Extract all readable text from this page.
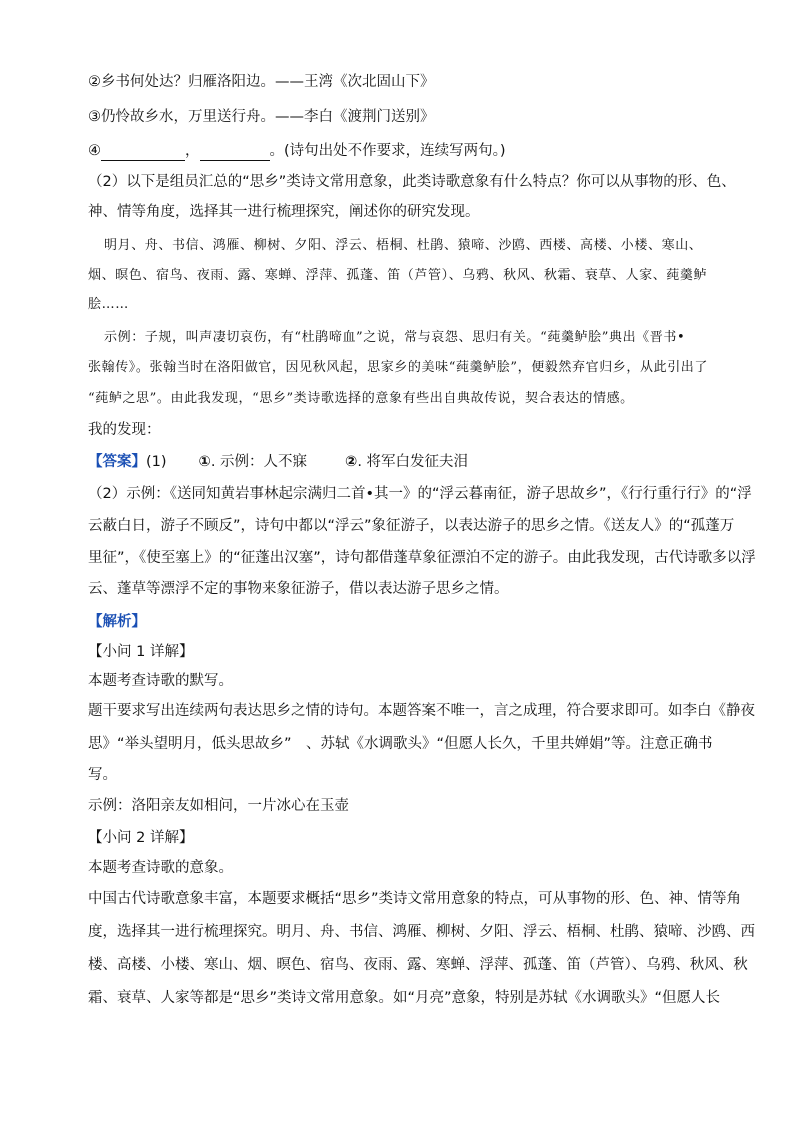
②乡书何处达？归雁洛阳边。——王湾《次北固山下》
③仍怜故乡水，万里送行舟。——李白《渡荆门送别》
④	，	。(诗句出处不作要求，连续写两句。)
（2）以下是组员汇总的“思乡”类诗文常用意象，此类诗歌意象有什么特点？你可以从事物的形、色、
神、情等角度，选择其一进行梳理探究，阐述你的研究发现。
明月、舟、书信、鸿雁、柳树、夕阳、浮云、梧桐、杜鹃、猿啼、沙鸥、西楼、高楼、小楼、寒山、
烟、暝色、宿鸟、夜雨、露、寒蝉、浮萍、孤蓬、笛（芦管）、乌鸦、秋风、秋霜、衰草、人家、莼羹鲈
脍……
示例：子规，叫声凄切哀伤，有“杜鹃啼血”之说，常与哀怨、思归有关。“莼羹鲈脍”典出《晋书•
张翰传》。张翰当时在洛阳做官，因见秋风起，思家乡的美味“莼羹鲈脍”，便毅然弃官归乡，从此引出了
“莼鲈之思”。由此我发现，“思乡”类诗歌选择的意象有些出自典故传说，契合表达的情感。
我的发现：
【答案】(1) ①. 示例：人不寐	②. 将军白发征夫泪
（2）示例：《送同知黄岩事林起宗满归二首•其一》的“浮云暮南征，游子思故乡”，《行行重行行》的“浮
云蔽白日，游子不顾反”，诗句中都以“浮云”象征游子，以表达游子的思乡之情。《送友人》的“孤蓬万
里征”，《使至塞上》的“征蓬出汉塞”，诗句都借蓬草象征漂泊不定的游子。由此我发现，古代诗歌多以浮
云、蓬草等漂浮不定的事物来象征游子，借以表达游子思乡之情。
【解析】
【小问 1 详解】
本题考查诗歌的默写。
题干要求写出连续两句表达思乡之情的诗句。本题答案不唯一，言之成理，符合要求即可。如李白《静夜
思》“举头望明月，低头思故乡”　、苏轼《水调歌头》“但愿人长久，千里共婵娟”等。注意正确书
写。
示例：洛阳亲友如相问，一片冰心在玉壶
【小问 2 详解】
本题考查诗歌的意象。
中国古代诗歌意象丰富，本题要求概括“思乡”类诗文常用意象的特点，可从事物的形、色、神、情等角
度，选择其一进行梳理探究。明月、舟、书信、鸿雁、柳树、夕阳、浮云、梧桐、杜鹃、猿啼、沙鸥、西
楼、高楼、小楼、寒山、烟、暝色、宿鸟、夜雨、露、寒蝉、浮萍、孤蓬、笛（芦管）、乌鸦、秋风、秋
霜、衰草、人家等都是“思乡”类诗文常用意象。如“月亮”意象，特别是苏轼《水调歌头》“但愿人长
